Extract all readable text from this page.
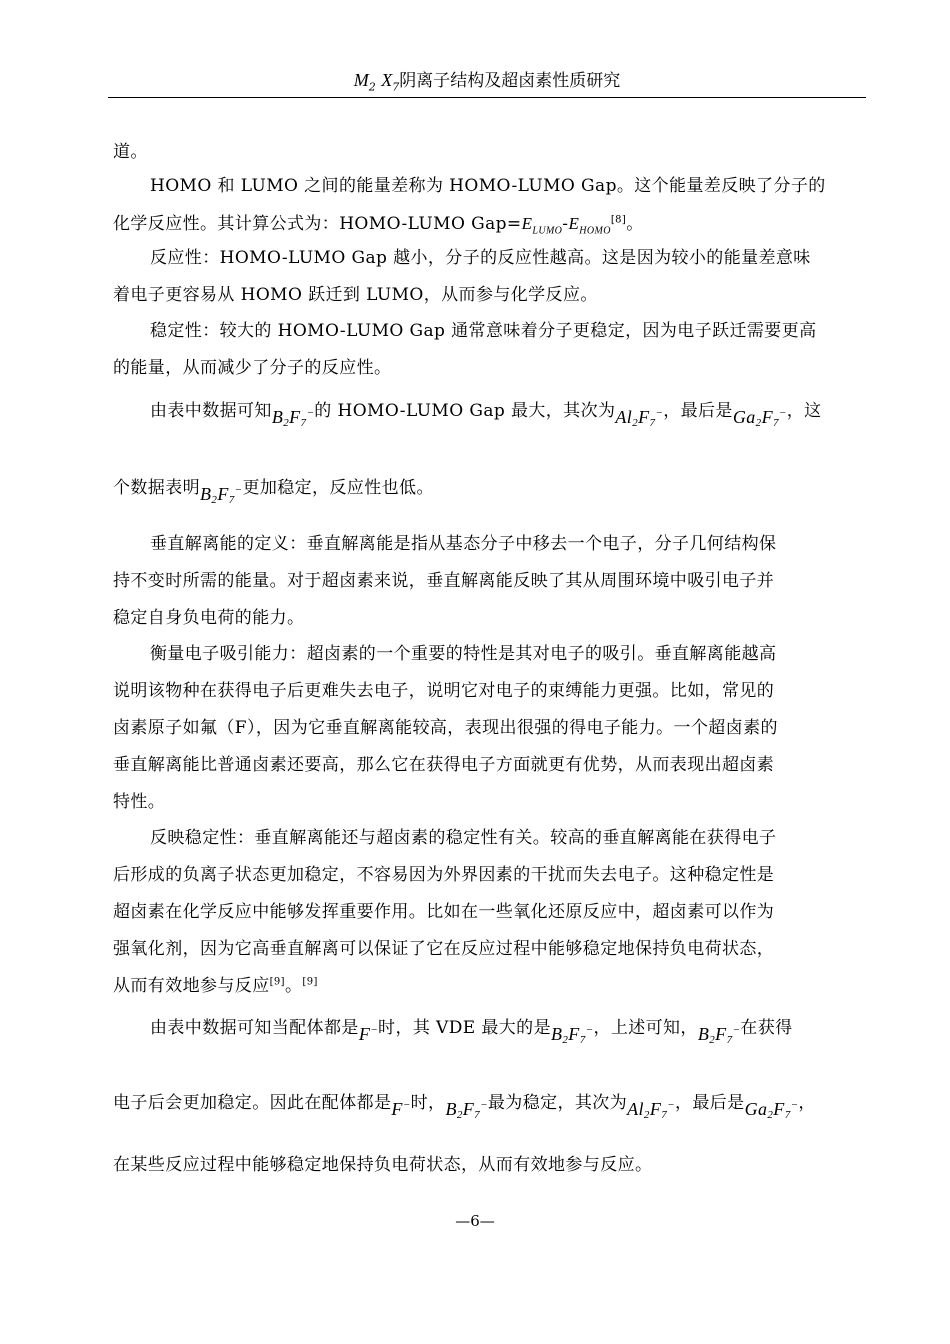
$M_2$ $X_7$阴离子结构及超卤素性质研究
道。
HOMO 和 LUMO 之间的能量差称为 HOMO-LUMO Gap。这个能量差反映了分子的
化学反应性。其计算公式为：HOMO-LUMO $Gap=E_{LUMO}-E_{HOMO}[8]$。
反应性：HOMO-LUMO Gap 越小，分子的反应性越高。这是因为较小的能量差意味
着电子更容易从 HOMO 跃迁到 LUMO，从而参与化学反应。
稳定性：较大的 HOMO-LUMO Gap 通常意味着分子更稳定，因为电子跃迁需要更高
的能量，从而减少了分子的反应性。
由表中数据可知$B_2F_7^-$的 HOMO-LUMO Gap 最大，其次为$Al_2F_7^-$，最后是$Ga_2F_7^-$，这
个数据表明$B_2F_7^-$更加稳定，反应性也低。
垂直解离能的定义：垂直解离能是指从基态分子中移去一个电子，分子几何结构保
持不变时所需的能量。对于超卤素来说，垂直解离能反映了其从周围环境中吸引电子并
稳定自身负电荷的能力。
衡量电子吸引能力：超卤素的一个重要的特性是其对电子的吸引。垂直解离能越高
说明该物种在获得电子后更难失去电子，说明它对电子的束缚能力更强。比如，常见的
卤素原子如氟（F），因为它垂直解离能较高，表现出很强的得电子能力。一个超卤素的
垂直解离能比普通卤素还要高，那么它在获得电子方面就更有优势，从而表现出超卤素
特性。
反映稳定性：垂直解离能还与超卤素的稳定性有关。较高的垂直解离能在获得电子
后形成的负离子状态更加稳定，不容易因为外界因素的干扰而失去电子。这种稳定性是
超卤素在化学反应中能够发挥重要作用。比如在一些氧化还原反应中，超卤素可以作为
强氧化剂，因为它高垂直解离可以保证了它在反应过程中能够稳定地保持负电荷状态，
从而有效地参与反应[9]。[9]
由表中数据可知当配体都是F−时，其 VDE 最大的是$B_2F_7^-$，上述可知，$B_2F_7^-$在获得
电子后会更加稳定。因此在配体都是F−时，$B_2F_7^-$最为稳定，其次为$Al_2F_7^-$，最后是$Ga_2F_7^-$，
在某些反应过程中能够稳定地保持负电荷状态，从而有效地参与反应。
—6—
